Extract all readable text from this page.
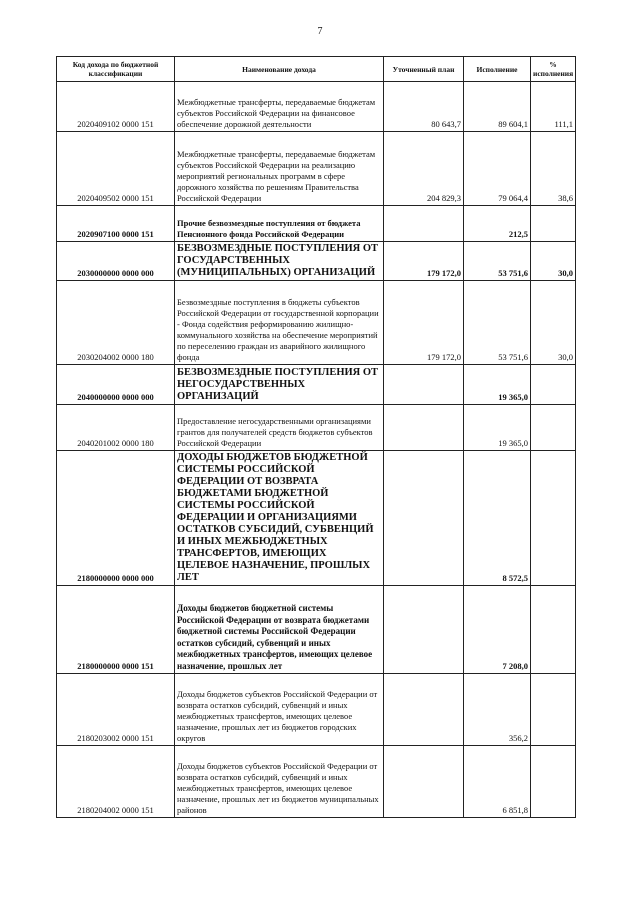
7
Код дохода по бюджетной классификации	Наименование дохода	Уточненный план	Исполнение	% исполнения
2020409102 0000 151	Межбюджетные трансферты, передаваемые бюджетам субъектов Российской Федерации на финансовое обеспечение дорожной деятельности	80 643,7	89 604,1	111,1
2020409502 0000 151	Межбюджетные трансферты, передаваемые бюджетам субъектов Российской Федерации на реализацию мероприятий региональных программ в сфере дорожного хозяйства по решениям Правительства Российской Федерации	204 829,3	79 064,4	38,6
2020907100 0000 151	Прочие безвозмездные поступления от бюджета Пенсионного фонда Российской Федерации		212,5	
2030000000 0000 000	БЕЗВОЗМЕЗДНЫЕ ПОСТУПЛЕНИЯ ОТ ГОСУДАРСТВЕННЫХ (МУНИЦИПАЛЬНЫХ) ОРГАНИЗАЦИЙ	179 172,0	53 751,6	30,0
2030204002 0000 180	Безвозмездные поступления в бюджеты субъектов Российской Федерации от государственной корпорации - Фонда содействия реформированию жилищно-коммунального хозяйства на обеспечение мероприятий по переселению граждан из аварийного жилищного фонда	179 172,0	53 751,6	30,0
2040000000 0000 000	БЕЗВОЗМЕЗДНЫЕ ПОСТУПЛЕНИЯ ОТ НЕГОСУДАРСТВЕННЫХ ОРГАНИЗАЦИЙ		19 365,0	
2040201002 0000 180	Предоставление негосударственными организациями грантов для получателей средств бюджетов субъектов Российской Федерации		19 365,0	
2180000000 0000 000	ДОХОДЫ БЮДЖЕТОВ БЮДЖЕТНОЙ СИСТЕМЫ РОССИЙСКОЙ ФЕДЕРАЦИИ ОТ ВОЗВРАТА БЮДЖЕТАМИ БЮДЖЕТНОЙ СИСТЕМЫ РОССИЙСКОЙ ФЕДЕРАЦИИ И ОРГАНИЗАЦИЯМИ ОСТАТКОВ СУБСИДИЙ, СУБВЕНЦИЙ И ИНЫХ МЕЖБЮДЖЕТНЫХ ТРАНСФЕРТОВ, ИМЕЮЩИХ ЦЕЛЕВОЕ НАЗНАЧЕНИЕ, ПРОШЛЫХ ЛЕТ		8 572,5	
2180000000 0000 151	Доходы бюджетов бюджетной системы Российской Федерации от возврата бюджетами бюджетной системы Российской Федерации остатков субсидий, субвенций и иных межбюджетных трансфертов, имеющих целевое назначение, прошлых лет		7 208,0	
2180203002 0000 151	Доходы бюджетов субъектов Российской Федерации от возврата остатков субсидий, субвенций и иных межбюджетных трансфертов, имеющих целевое назначение, прошлых лет из бюджетов городских округов		356,2	
2180204002 0000 151	Доходы бюджетов субъектов Российской Федерации от возврата остатков субсидий, субвенций и иных межбюджетных трансфертов, имеющих целевое назначение, прошлых лет из бюджетов муниципальных районов		6 851,8	
